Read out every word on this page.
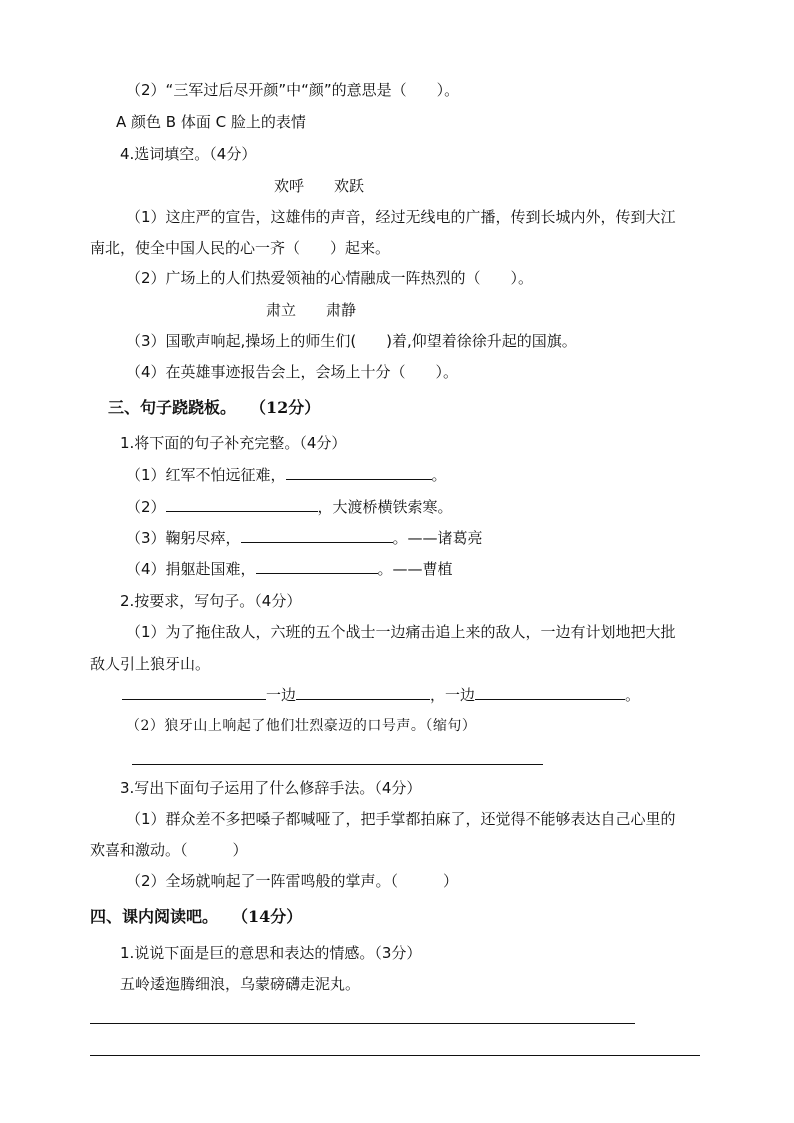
（2）“三军过后尽开颜”中“颜”的意思是（　　）。
A 颜色 B 体面 C 脸上的表情
4.选词填空。（4分）
欢呼　　欢跃
（1）这庄严的宣告，这雄伟的声音，经过无线电的广播，传到长城内外，传到大江
南北，使全中国人民的心一齐（　　）起来。
（2）广场上的人们热爱领袖的心情融成一阵热烈的（　　）。
肃立　　肃静
（3）国歌声响起,操场上的师生们(　　)着,仰望着徐徐升起的国旗。
（4）在英雄事迹报告会上，会场上十分（　　）。
三、句子跷跷板。 （12分）
1.将下面的句子补充完整。（4分）
（1）红军不怕远征难，	。
（2）	，大渡桥横铁索寒。
（3）鞠躬尽瘁，	。——诸葛亮
（4）捐躯赴国难，	。——曹植
2.按要求，写句子。（4分）
（1）为了拖住敌人，六班的五个战士一边痛击追上来的敌人，一边有计划地把大批
敌人引上狼牙山。
一边	，一边	。
（2）狼牙山上响起了他们壮烈豪迈的口号声。（缩句）
3.写出下面句子运用了什么修辞手法。（4分）
（1）群众差不多把嗓子都喊哑了，把手掌都拍麻了，还觉得不能够表达自己心里的
欢喜和激动。（　　　）
（2）全场就响起了一阵雷鸣般的掌声。（　　　）
四、课内阅读吧。 （14分）
1.说说下面是巨的意思和表达的情感。（3分）
五岭逶迤腾细浪，乌蒙磅礴走泥丸。
